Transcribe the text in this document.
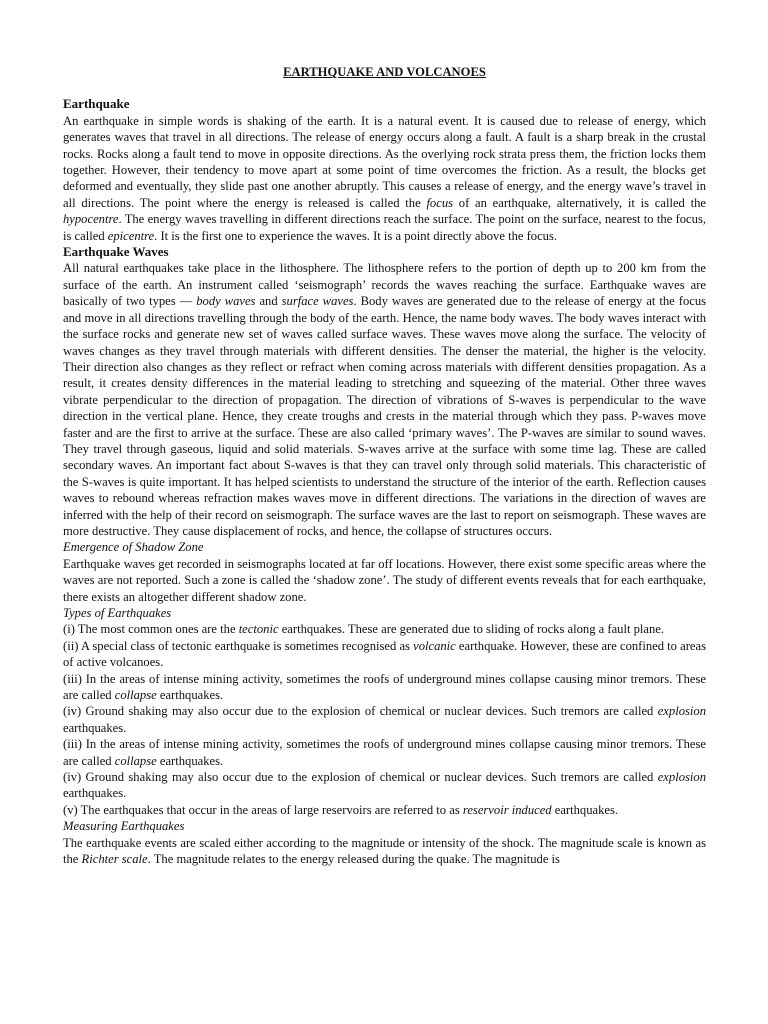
EARTHQUAKE AND VOLCANOES
Earthquake

An earthquake in simple words is shaking of the earth. It is a natural event. It is caused due to release of energy, which generates waves that travel in all directions. The release of energy occurs along a fault. A fault is a sharp break in the crustal rocks. Rocks along a fault tend to move in opposite directions. As the overlying rock strata press them, the friction locks them together. However, their tendency to move apart at some point of time overcomes the friction. As a result, the blocks get deformed and eventually, they slide past one another abruptly. This causes a release of energy, and the energy wave’s travel in all directions. The point where the energy is released is called the focus of an earthquake, alternatively, it is called the hypocentre. The energy waves travelling in different directions reach the surface. The point on the surface, nearest to the focus, is called epicentre. It is the first one to experience the waves. It is a point directly above the focus.

Earthquake Waves

All natural earthquakes take place in the lithosphere. The lithosphere refers to the portion of depth up to 200 km from the surface of the earth. An instrument called ‘seismograph’ records the waves reaching the surface. Earthquake waves are basically of two types — body waves and surface waves. Body waves are generated due to the release of energy at the focus and move in all directions travelling through the body of the earth. Hence, the name body waves. The body waves interact with the surface rocks and generate new set of waves called surface waves. These waves move along the surface. The velocity of waves changes as they travel through materials with different densities. The denser the material, the higher is the velocity. Their direction also changes as they reflect or refract when coming across materials with different densities propagation. As a result, it creates density differences in the material leading to stretching and squeezing of the material. Other three waves vibrate perpendicular to the direction of propagation. The direction of vibrations of S-waves is perpendicular to the wave direction in the vertical plane. Hence, they create troughs and crests in the material through which they pass. P-waves move faster and are the first to arrive at the surface. These are also called ‘primary waves’. The P-waves are similar to sound waves. They travel through gaseous, liquid and solid materials. S-waves arrive at the surface with some time lag. These are called secondary waves. An important fact about S-waves is that they can travel only through solid materials. This characteristic of the S-waves is quite important. It has helped scientists to understand the structure of the interior of the earth. Reflection causes waves to rebound whereas refraction makes waves move in different directions. The variations in the direction of waves are inferred with the help of their record on seismograph. The surface waves are the last to report on seismograph. These waves are more destructive. They cause displacement of rocks, and hence, the collapse of structures occurs.

Emergence of Shadow Zone

Earthquake waves get recorded in seismographs located at far off locations. However, there exist some specific areas where the waves are not reported. Such a zone is called the ‘shadow zone’. The study of different events reveals that for each earthquake, there exists an altogether different shadow zone.

Types of Earthquakes

(i) The most common ones are the tectonic earthquakes. These are generated due to sliding of rocks along a fault plane.

(ii) A special class of tectonic earthquake is sometimes recognised as volcanic earthquake. However, these are confined to areas of active volcanoes.

(iii) In the areas of intense mining activity, sometimes the roofs of underground mines collapse causing minor tremors. These are called collapse earthquakes.

(iv) Ground shaking may also occur due to the explosion of chemical or nuclear devices. Such tremors are called explosion earthquakes.

(iii) In the areas of intense mining activity, sometimes the roofs of underground mines collapse causing minor tremors. These are called collapse earthquakes.

(iv) Ground shaking may also occur due to the explosion of chemical or nuclear devices. Such tremors are called explosion earthquakes.

(v) The earthquakes that occur in the areas of large reservoirs are referred to as reservoir induced earthquakes.

Measuring Earthquakes

The earthquake events are scaled either according to the magnitude or intensity of the shock. The magnitude scale is known as the Richter scale. The magnitude relates to the energy released during the quake. The magnitude is
